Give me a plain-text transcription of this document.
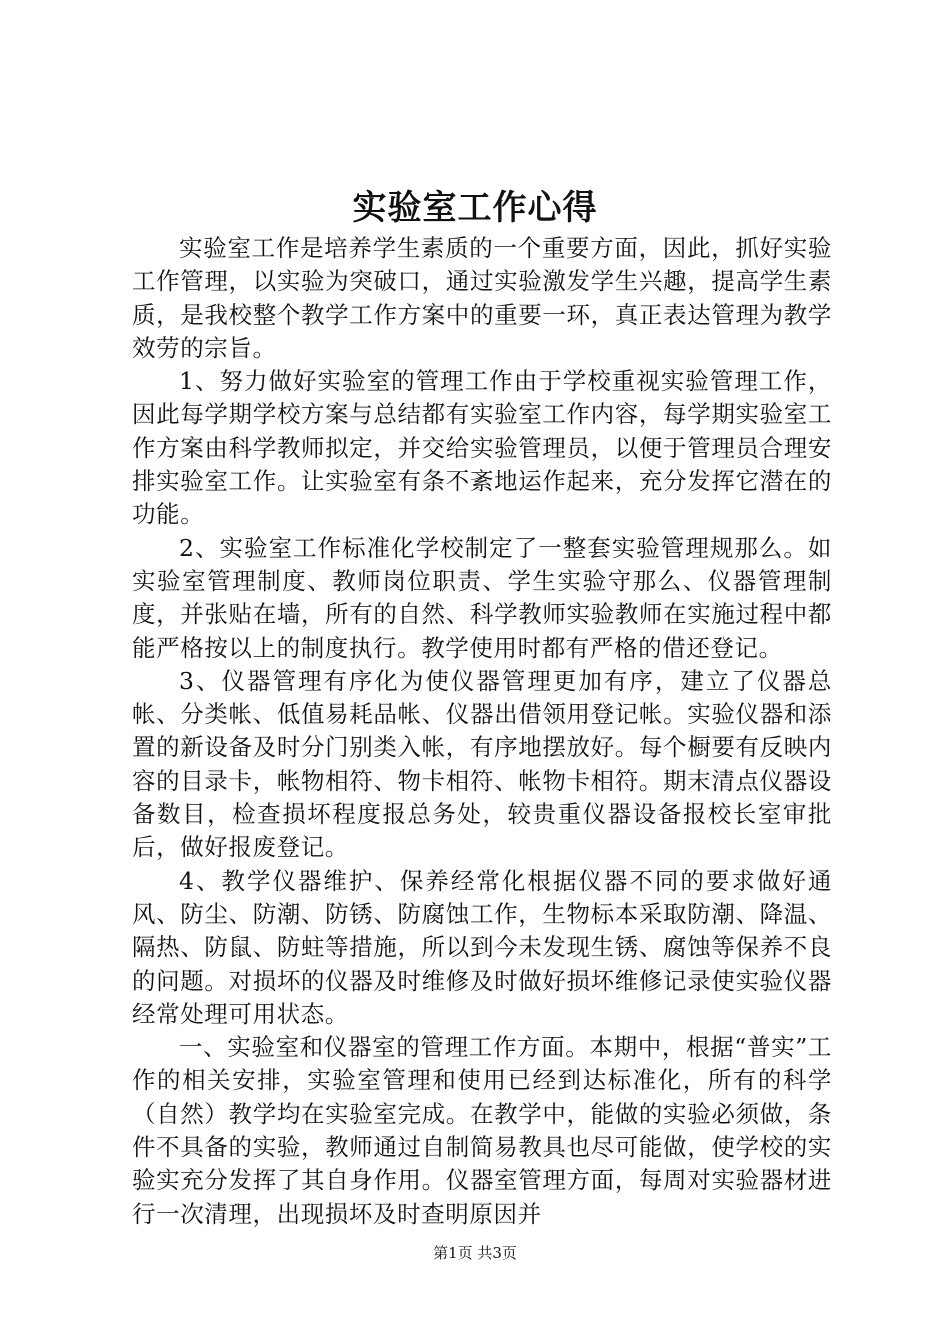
实验室工作心得

实验室工作是培养学生素质的一个重要方面，因此，抓好实验工作管理，以实验为突破口，通过实验激发学生兴趣，提高学生素质，是我校整个教学工作方案中的重要一环，真正表达管理为教学效劳的宗旨。

1、努力做好实验室的管理工作由于学校重视实验管理工作，因此每学期学校方案与总结都有实验室工作内容，每学期实验室工作方案由科学教师拟定，并交给实验管理员，以便于管理员合理安排实验室工作。让实验室有条不紊地运作起来，充分发挥它潜在的功能。

2、实验室工作标准化学校制定了一整套实验管理规那么。如实验室管理制度、教师岗位职责、学生实验守那么、仪器管理制度，并张贴在墙，所有的自然、科学教师实验教师在实施过程中都能严格按以上的制度执行。教学使用时都有严格的借还登记。

3、仪器管理有序化为使仪器管理更加有序，建立了仪器总帐、分类帐、低值易耗品帐、仪器出借领用登记帐。实验仪器和添置的新设备及时分门别类入帐，有序地摆放好。每个橱要有反映内容的目录卡，帐物相符、物卡相符、帐物卡相符。期末清点仪器设备数目，检查损坏程度报总务处，较贵重仪器设备报校长室审批后，做好报废登记。

4、教学仪器维护、保养经常化根据仪器不同的要求做好通风、防尘、防潮、防锈、防腐蚀工作，生物标本采取防潮、降温、隔热、防鼠、防蛀等措施，所以到今未发现生锈、腐蚀等保养不良的问题。对损坏的仪器及时维修及时做好损坏维修记录使实验仪器经常处理可用状态。

一、实验室和仪器室的管理工作方面。本期中，根据“普实”工作的相关安排，实验室管理和使用已经到达标准化，所有的科学（自然）教学均在实验室完成。在教学中，能做的实验必须做，条件不具备的实验，教师通过自制简易教具也尽可能做，使学校的实验实充分发挥了其自身作用。仪器室管理方面，每周对实验器材进行一次清理，出现损坏及时查明原因并

第1页 共3页
